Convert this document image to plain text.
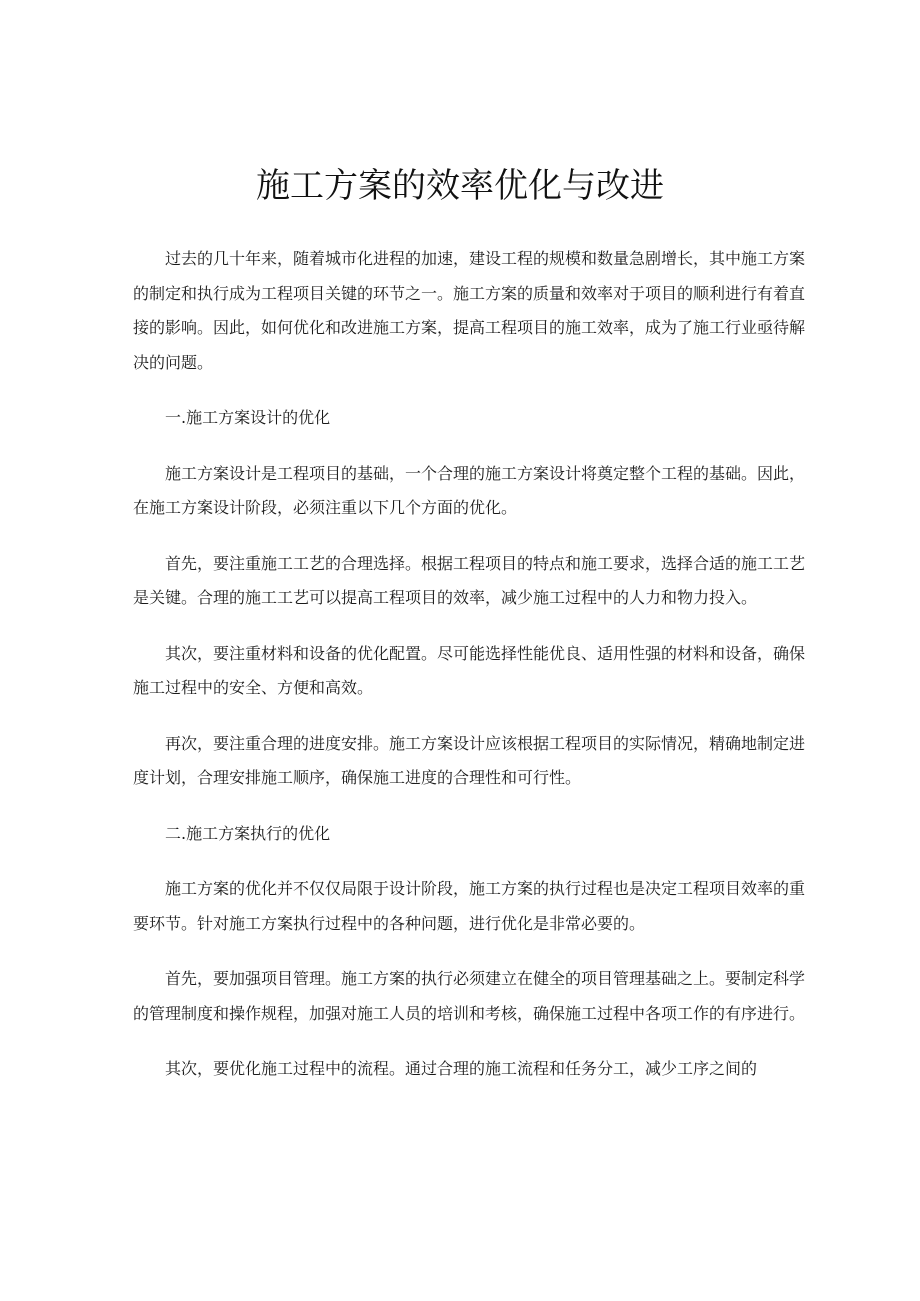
施工方案的效率优化与改进

过去的几十年来，随着城市化进程的加速，建设工程的规模和数量急剧增长，其中施工方案的制定和执行成为工程项目关键的环节之一。施工方案的质量和效率对于项目的顺利进行有着直接的影响。因此，如何优化和改进施工方案，提高工程项目的施工效率，成为了施工行业亟待解决的问题。

一.施工方案设计的优化

施工方案设计是工程项目的基础，一个合理的施工方案设计将奠定整个工程的基础。因此，在施工方案设计阶段，必须注重以下几个方面的优化。

首先，要注重施工工艺的合理选择。根据工程项目的特点和施工要求，选择合适的施工工艺是关键。合理的施工工艺可以提高工程项目的效率，减少施工过程中的人力和物力投入。

其次，要注重材料和设备的优化配置。尽可能选择性能优良、适用性强的材料和设备，确保施工过程中的安全、方便和高效。

再次，要注重合理的进度安排。施工方案设计应该根据工程项目的实际情况，精确地制定进度计划，合理安排施工顺序，确保施工进度的合理性和可行性。

二.施工方案执行的优化

施工方案的优化并不仅仅局限于设计阶段，施工方案的执行过程也是决定工程项目效率的重要环节。针对施工方案执行过程中的各种问题，进行优化是非常必要的。

首先，要加强项目管理。施工方案的执行必须建立在健全的项目管理基础之上。要制定科学的管理制度和操作规程，加强对施工人员的培训和考核，确保施工过程中各项工作的有序进行。

其次，要优化施工过程中的流程。通过合理的施工流程和任务分工，减少工序之间的
